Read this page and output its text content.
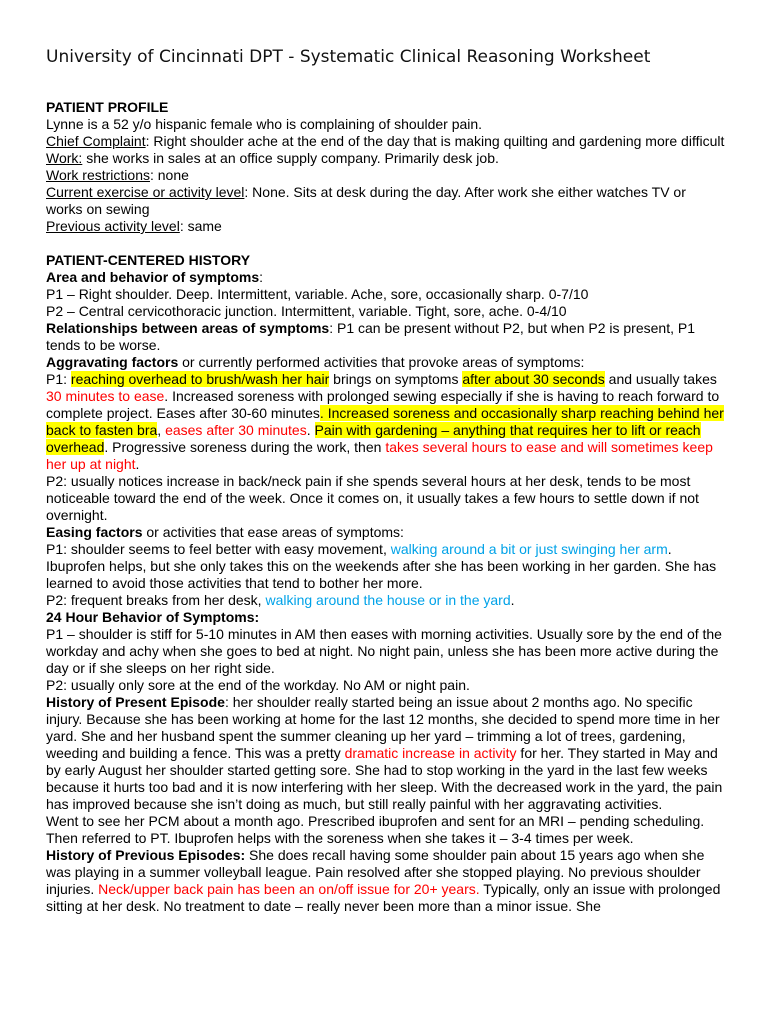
University of Cincinnati DPT - Systematic Clinical Reasoning Worksheet

PATIENT PROFILE

Lynne is a 52 y/o hispanic female who is complaining of shoulder pain.

Chief Complaint: Right shoulder ache at the end of the day that is making quilting and gardening more difficult

Work: she works in sales at an office supply company. Primarily desk job.

Work restrictions: none

Current exercise or activity level: None. Sits at desk during the day. After work she either watches TV or works on sewing

Previous activity level: same

PATIENT-CENTERED HISTORY

Area and behavior of symptoms:

P1 – Right shoulder. Deep. Intermittent, variable. Ache, sore, occasionally sharp. 0-7/10

P2 – Central cervicothoracic junction. Intermittent, variable. Tight, sore, ache. 0-4/10

Relationships between areas of symptoms: P1 can be present without P2, but when P2 is present, P1 tends to be worse.

Aggravating factors or currently performed activities that provoke areas of symptoms:

P1: reaching overhead to brush/wash her hair brings on symptoms after about 30 seconds and usually takes 30 minutes to ease. Increased soreness with prolonged sewing especially if she is having to reach forward to complete project. Eases after 30-60 minutes. Increased soreness and occasionally sharp reaching behind her back to fasten bra, eases after 30 minutes. Pain with gardening – anything that requires her to lift or reach overhead. Progressive soreness during the work, then takes several hours to ease and will sometimes keep her up at night.

P2: usually notices increase in back/neck pain if she spends several hours at her desk, tends to be most noticeable toward the end of the week. Once it comes on, it usually takes a few hours to settle down if not overnight.

Easing factors or activities that ease areas of symptoms:

P1: shoulder seems to feel better with easy movement, walking around a bit or just swinging her arm. Ibuprofen helps, but she only takes this on the weekends after she has been working in her garden. She has learned to avoid those activities that tend to bother her more.

P2: frequent breaks from her desk, walking around the house or in the yard.

24 Hour Behavior of Symptoms:

P1 – shoulder is stiff for 5-10 minutes in AM then eases with morning activities. Usually sore by the end of the workday and achy when she goes to bed at night. No night pain, unless she has been more active during the day or if she sleeps on her right side.

P2: usually only sore at the end of the workday. No AM or night pain.

History of Present Episode: her shoulder really started being an issue about 2 months ago. No specific injury. Because she has been working at home for the last 12 months, she decided to spend more time in her yard. She and her husband spent the summer cleaning up her yard – trimming a lot of trees, gardening, weeding and building a fence. This was a pretty dramatic increase in activity for her. They started in May and by early August her shoulder started getting sore. She had to stop working in the yard in the last few weeks because it hurts too bad and it is now interfering with her sleep. With the decreased work in the yard, the pain has improved because she isn’t doing as much, but still really painful with her aggravating activities.

Went to see her PCM about a month ago. Prescribed ibuprofen and sent for an MRI – pending scheduling. Then referred to PT. Ibuprofen helps with the soreness when she takes it – 3-4 times per week.

History of Previous Episodes: She does recall having some shoulder pain about 15 years ago when she was playing in a summer volleyball league. Pain resolved after she stopped playing. No previous shoulder injuries. Neck/upper back pain has been an on/off issue for 20+ years. Typically, only an issue with prolonged sitting at her desk. No treatment to date – really never been more than a minor issue. She
